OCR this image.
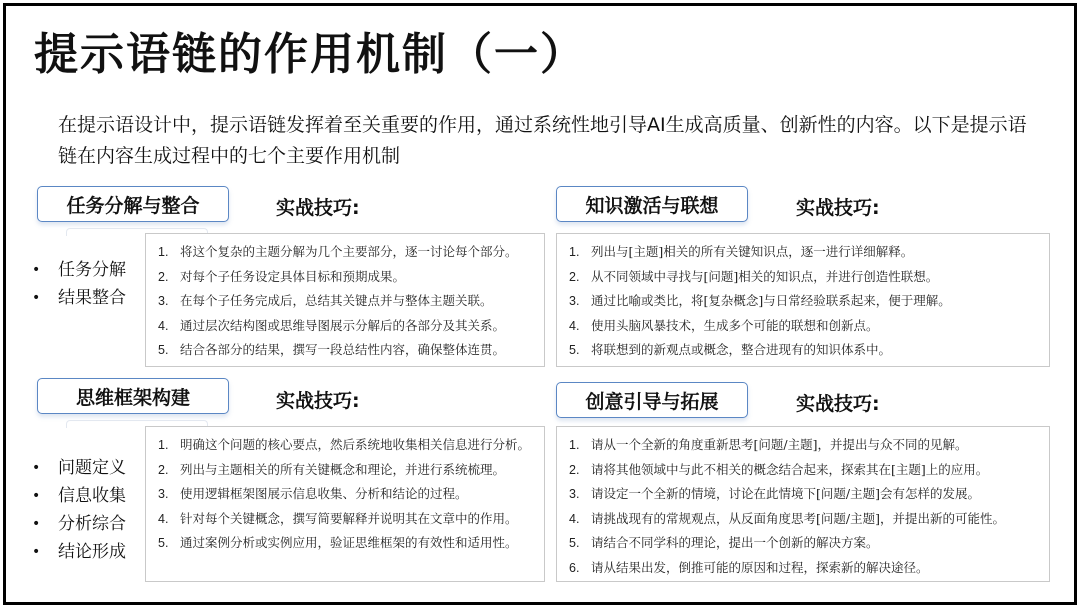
提示语链的作用机制（一）
在提示语设计中，提示语链发挥着至关重要的作用，通过系统性地引导AI生成高质量、创新性的内容。以下是提示语链在内容生成过程中的七个主要作用机制
任务分解与整合	实战技巧:
•	任务分解
•	结果整合
1. 将这个复杂的主题分解为几个主要部分，逐一讨论每个部分。
2. 对每个子任务设定具体目标和预期成果。
3. 在每个子任务完成后，总结其关键点并与整体主题关联。
4. 通过层次结构图或思维导图展示分解后的各部分及其关系。
5. 结合各部分的结果，撰写一段总结性内容，确保整体连贯。
知识激活与联想	实战技巧:
1. 列出与[主题]相关的所有关键知识点，逐一进行详细解释。
2. 从不同领域中寻找与[问题]相关的知识点，并进行创造性联想。
3. 通过比喻或类比，将[复杂概念]与日常经验联系起来，便于理解。
4. 使用头脑风暴技术，生成多个可能的联想和创新点。
5. 将联想到的新观点或概念，整合进现有的知识体系中。
思维框架构建	实战技巧:
•	问题定义
•	信息收集
•	分析综合
•	结论形成
1. 明确这个问题的核心要点，然后系统地收集相关信息进行分析。
2. 列出与主题相关的所有关键概念和理论，并进行系统梳理。
3. 使用逻辑框架图展示信息收集、分析和结论的过程。
4. 针对每个关键概念，撰写简要解释并说明其在文章中的作用。
5. 通过案例分析或实例应用，验证思维框架的有效性和适用性。
创意引导与拓展	实战技巧:
1. 请从一个全新的角度重新思考[问题/主题]，并提出与众不同的见解。
2. 请将其他领域中与此不相关的概念结合起来，探索其在[主题]上的应用。
3. 请设定一个全新的情境，讨论在此情境下[问题/主题]会有怎样的发展。
4. 请挑战现有的常规观点，从反面角度思考[问题/主题]，并提出新的可能性。
5. 请结合不同学科的理论，提出一个创新的解决方案。
6. 请从结果出发，倒推可能的原因和过程，探索新的解决途径。
